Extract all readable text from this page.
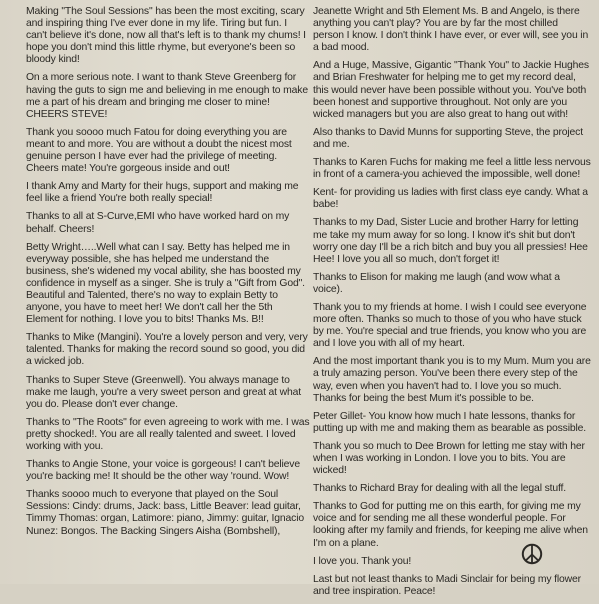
Making "The Soul Sessions" has been the most exciting, scary and inspiring thing I've ever done in my life. Tiring but fun. I can't believe it's done, now all that's left is to thank my chums! I hope you don't mind this little rhyme, but everyone's been so bloody kind!

On a more serious note. I want to thank Steve Greenberg for having the guts to sign me and believing in me enough to make me a part of his dream and bringing me closer to mine! CHEERS STEVE!

Thank you soooo much Fatou for doing everything you are meant to and more. You are without a doubt the nicest most genuine person I have ever had the privilege of meeting. Cheers mate! You're gorgeous inside and out!

I thank Amy and Marty for their hugs, support and making me feel like a friend You're both really special!

Thanks to all at S-Curve,EMI who have worked hard on my behalf. Cheers!

Betty Wright…..Well what can I say. Betty has helped me in everyway possible, she has helped me understand the business, she's widened my vocal ability, she has boosted my confidence in myself as a singer. She is truly a "Gift from God". Beautiful and Talented, there's no way to explain Betty to anyone, you have to meet her! We don't call her the 5th Element for nothing. I love you to bits! Thanks Ms. B!!

Thanks to Mike (Mangini). You're a lovely person and very, very talented. Thanks for making the record sound so good, you did a wicked job.

Thanks to Super Steve (Greenwell). You always manage to make me laugh, you're a very sweet person and great at what you do. Please don't ever change.

Thanks to "The Roots" for even agreeing to work with me. I was pretty shocked!. You are all really talented and sweet. I loved working with you.

Thanks to Angie Stone, your voice is gorgeous! I can't believe you're backing me! It should be the other way 'round. Wow!

Thanks soooo much to everyone that played on the Soul Sessions: Cindy: drums, Jack: bass, Little Beaver: lead guitar, Timmy Thomas: organ, Latimore: piano, Jimmy: guitar, Ignacio Nunez: Bongos. The Backing Singers Aisha (Bombshell),

Jeanette Wright and 5th Element Ms. B and Angelo, is there anything you can't play? You are by far the most chilled person I know. I don't think I have ever, or ever will, see you in a bad mood.

And a Huge, Massive, Gigantic "Thank You" to Jackie Hughes and Brian Freshwater for helping me to get my record deal, this would never have been possible without you. You've both been honest and supportive throughout. Not only are you wicked managers but you are also great to hang out with!

Also thanks to David Munns for supporting Steve, the project and me.

Thanks to Karen Fuchs for making me feel a little less nervous in front of a camera-you achieved the impossible, well done!

Kent- for providing us ladies with first class eye candy. What a babe!

Thanks to my Dad, Sister Lucie and brother Harry for letting me take my mum away for so long. I know it's shit but don't worry one day I'll be a rich bitch and buy you all pressies! Hee Hee! I love you all so much, don't forget it!

Thanks to Elison for making me laugh (and wow what a voice).

Thank you to my friends at home. I wish I could see everyone more often. Thanks so much to those of you who have stuck by me. You're special and true friends, you know who you are and I love you with all of my heart.

And the most important thank you is to my Mum. Mum you are a truly amazing person. You've been there every step of the way, even when you haven't had to. I love you so much. Thanks for being the best Mum it's possible to be.

Peter Gillet- You know how much I hate lessons, thanks for putting up with me and making them as bearable as possible.

Thank you so much to Dee Brown for letting me stay with her when I was working in London. I love you to bits. You are wicked!

Thanks to Richard Bray for dealing with all the legal stuff.

Thanks to God for putting me on this earth, for giving me my voice and for sending me all these wonderful people. For looking after my family and friends, for keeping me alive when I'm on a plane.

I love you. Thank you!

Last but not least thanks to Madi Sinclair for being my flower and tree inspiration. Peace!
